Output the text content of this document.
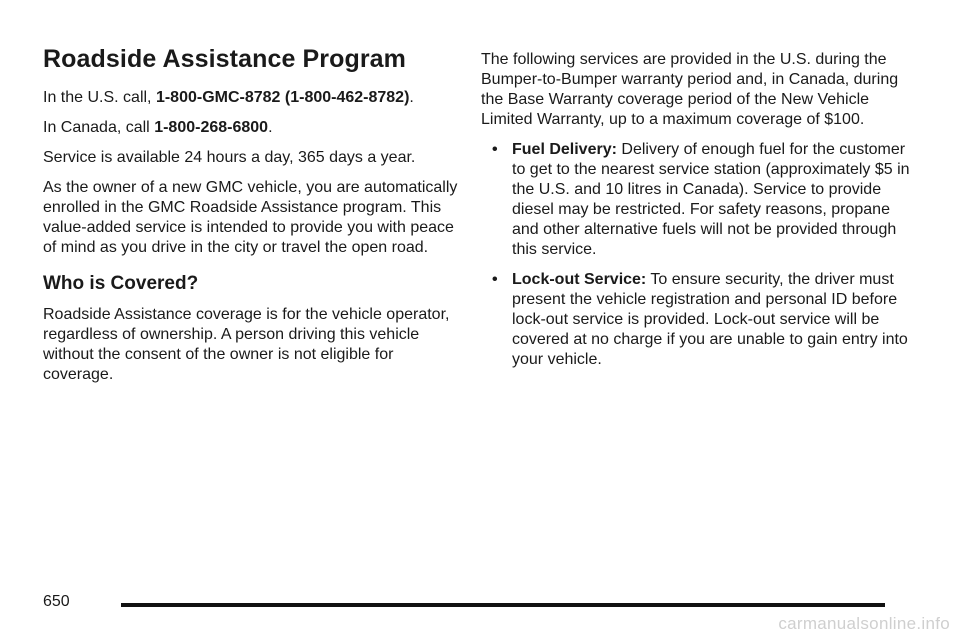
Roadside Assistance Program

In the U.S. call, 1-800-GMC-8782 (1-800-462-8782).

In Canada, call 1-800-268-6800.

Service is available 24 hours a day, 365 days a year.

As the owner of a new GMC vehicle, you are automatically enrolled in the GMC Roadside Assistance program. This value-added service is intended to provide you with peace of mind as you drive in the city or travel the open road.

Who is Covered?

Roadside Assistance coverage is for the vehicle operator, regardless of ownership. A person driving this vehicle without the consent of the owner is not eligible for coverage.

The following services are provided in the U.S. during the Bumper-to-Bumper warranty period and, in Canada, during the Base Warranty coverage period of the New Vehicle Limited Warranty, up to a maximum coverage of $100.

• Fuel Delivery: Delivery of enough fuel for the customer to get to the nearest service station (approximately $5 in the U.S. and 10 litres in Canada). Service to provide diesel may be restricted. For safety reasons, propane and other alternative fuels will not be provided through this service.
• Lock-out Service: To ensure security, the driver must present the vehicle registration and personal ID before lock-out service is provided. Lock-out service will be covered at no charge if you are unable to gain entry into your vehicle.
650
carmanualsonline.info
